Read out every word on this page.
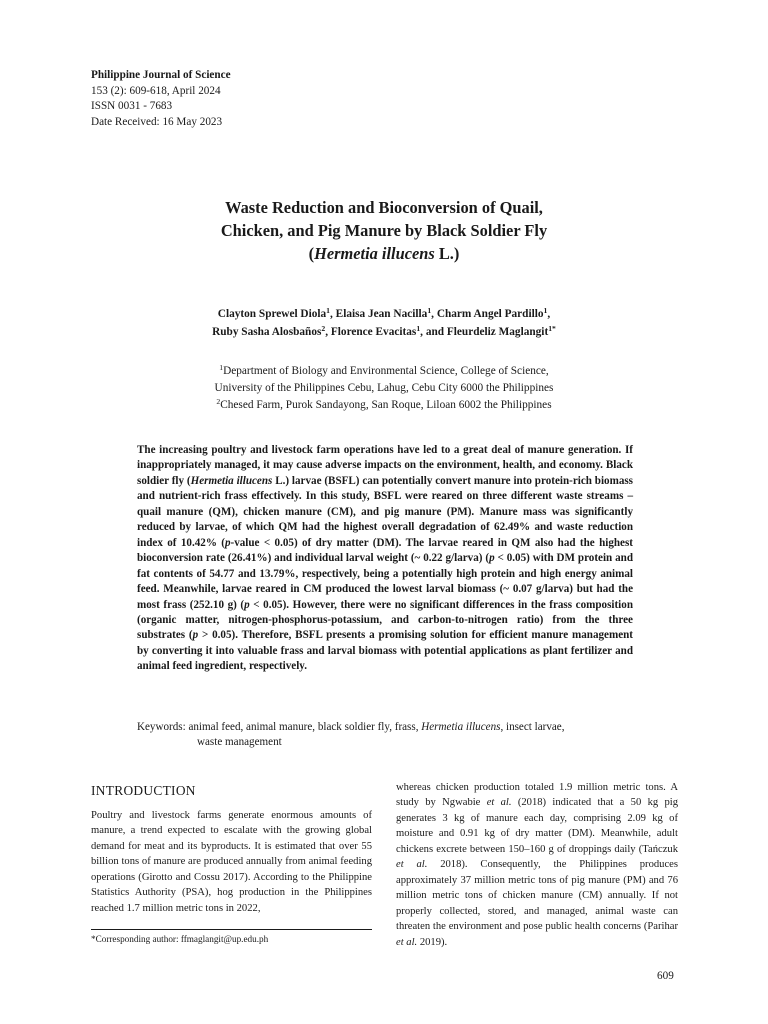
Philippine Journal of Science
153 (2): 609-618, April 2024
ISSN 0031 - 7683
Date Received: 16 May 2023
Waste Reduction and Bioconversion of Quail,
Chicken, and Pig Manure by Black Soldier Fly
(Hermetia illucens L.)
Clayton Sprewel Diola$^1$, Elaisa Jean Nacilla$^1$, Charm Angel Pardillo$^1$,
Ruby Sasha Alosbaños$^2$, Florence Evacitas$^1$, and Fleurdeliz Maglangit$^{1*}$
$^1$Department of Biology and Environmental Science, College of Science,
University of the Philippines Cebu, Lahug, Cebu City 6000 the Philippines
$^2$Chesed Farm, Purok Sandayong, San Roque, Liloan 6002 the Philippines
The increasing poultry and livestock farm operations have led to a great deal of manure generation. If inappropriately managed, it may cause adverse impacts on the environment, health, and economy. Black soldier fly (Hermetia illucens L.) larvae (BSFL) can potentially convert manure into protein-rich biomass and nutrient-rich frass effectively. In this study, BSFL were reared on three different waste streams – quail manure (QM), chicken manure (CM), and pig manure (PM). Manure mass was significantly reduced by larvae, of which QM had the highest overall degradation of 62.49% and waste reduction index of 10.42% (p-value < 0.05) of dry matter (DM). The larvae reared in QM also had the highest bioconversion rate (26.41%) and individual larval weight (~ 0.22 g/larva) (p < 0.05) with DM protein and fat contents of 54.77 and 13.79%, respectively, being a potentially high protein and high energy animal feed. Meanwhile, larvae reared in CM produced the lowest larval biomass (~ 0.07 g/larva) but had the most frass (252.10 g) (p < 0.05). However, there were no significant differences in the frass composition (organic matter, nitrogen-phosphorus-potassium, and carbon-to-nitrogen ratio) from the three substrates (p > 0.05). Therefore, BSFL presents a promising solution for efficient manure management by converting it into valuable frass and larval biomass with potential applications as plant fertilizer and animal feed ingredient, respectively.
Keywords: animal feed, animal manure, black soldier fly, frass, Hermetia illucens, insect larvae,
waste management
INTRODUCTION

Poultry and livestock farms generate enormous amounts of manure, a trend expected to escalate with the growing global demand for meat and its byproducts. It is estimated that over 55 billion tons of manure are produced annually from animal feeding operations (Girotto and Cossu 2017). According to the Philippine Statistics Authority (PSA), hog production in the Philippines reached 1.7 million metric tons in 2022,

whereas chicken production totaled 1.9 million metric tons. A study by Ngwabie et al. (2018) indicated that a 50 kg pig generates 3 kg of manure each day, comprising 2.09 kg of moisture and 0.91 kg of dry matter (DM). Meanwhile, adult chickens excrete between 150–160 g of droppings daily (Tańczuk et al. 2018). Consequently, the Philippines produces approximately 37 million metric tons of pig manure (PM) and 76 million metric tons of chicken manure (CM) annually. If not properly collected, stored, and managed, animal waste can threaten the environment and pose public health concerns (Parihar et al. 2019).

*Corresponding author: ffmaglangit@up.edu.ph
609
